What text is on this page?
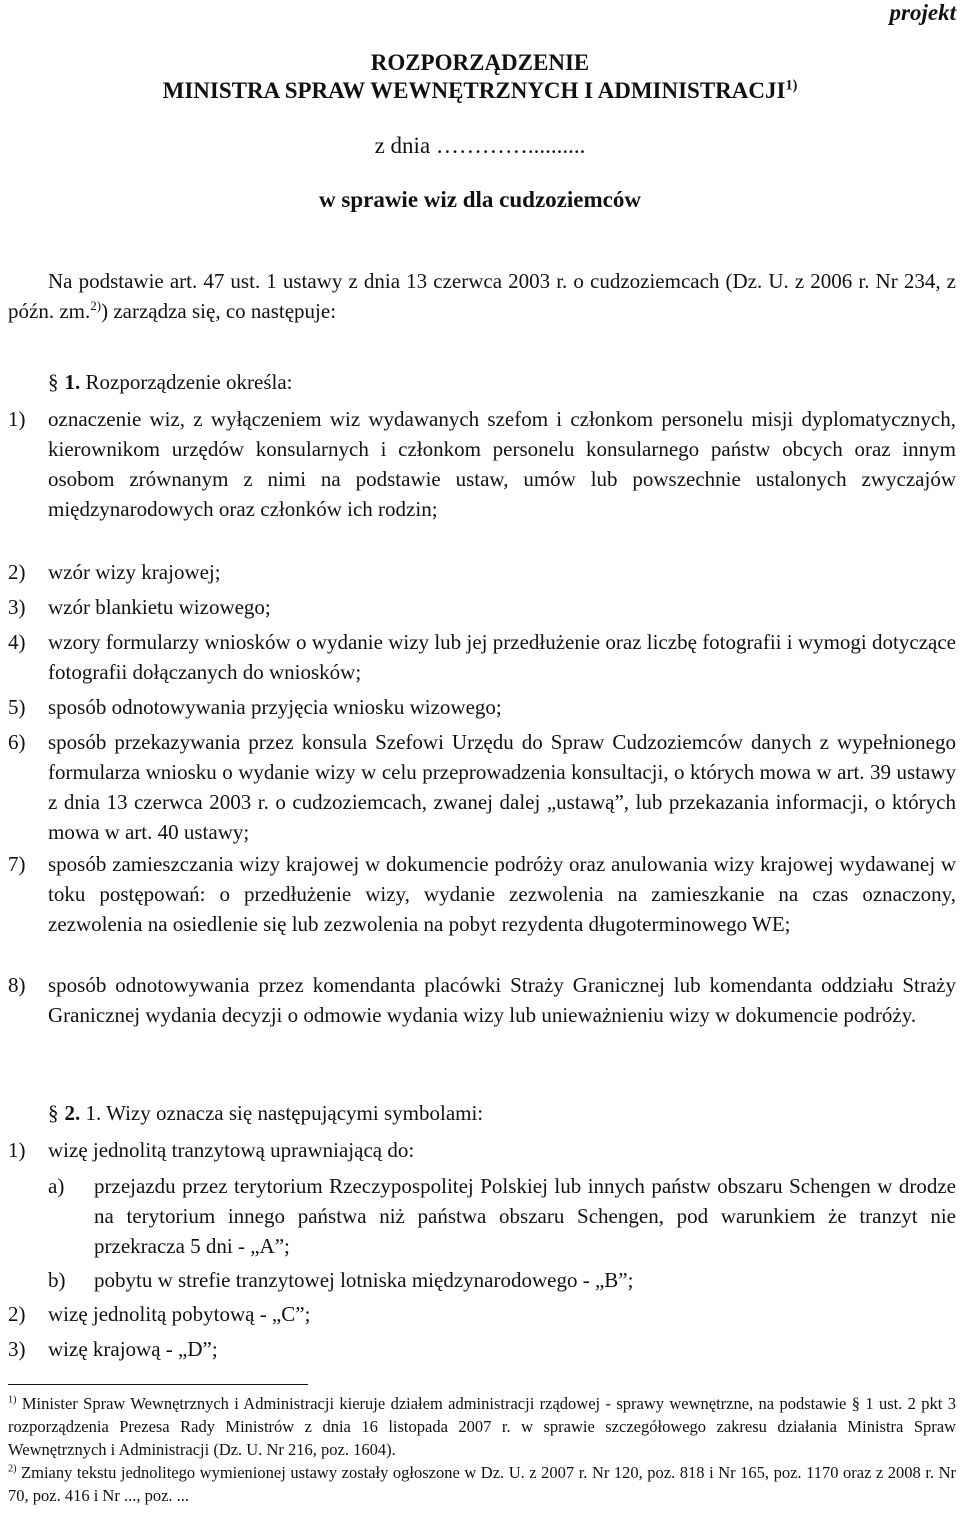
projekt
ROZPORZĄDZENIE
MINISTRA SPRAW WEWNĘTRZNYCH I ADMINISTRACJI$^{1)}$
z dnia …………..........
w sprawie wiz dla cudzoziemców
Na podstawie art. 47 ust. 1 ustawy z dnia 13 czerwca 2003 r. o cudzoziemcach (Dz. U. z 2006 r. Nr 234, z późn. zm.$^{2)}$) zarządza się, co następuje:
§ 1. Rozporządzenie określa:
1) oznaczenie wiz, z wyłączeniem wiz wydawanych szefom i członkom personelu misji dyplomatycznych, kierownikom urzędów konsularnych i członkom personelu konsularnego państw obcych oraz innym osobom zrównanym z nimi na podstawie ustaw, umów lub powszechnie ustalonych zwyczajów międzynarodowych oraz członków ich rodzin;
2) wzór wizy krajowej;
3) wzór blankietu wizowego;
4) wzory formularzy wniosków o wydanie wizy lub jej przedłużenie oraz liczbę fotografii i wymogi dotyczące fotografii dołączanych do wniosków;
5) sposób odnotowywania przyjęcia wniosku wizowego;
6) sposób przekazywania przez konsula Szefowi Urzędu do Spraw Cudzoziemców danych z wypełnionego formularza wniosku o wydanie wizy w celu przeprowadzenia konsultacji, o których mowa w art. 39 ustawy z dnia 13 czerwca 2003 r. o cudzoziemcach, zwanej dalej „ustawą”, lub przekazania informacji, o których mowa w art. 40 ustawy;
7) sposób zamieszczania wizy krajowej w dokumencie podróży oraz anulowania wizy krajowej wydawanej w toku postępowań: o przedłużenie wizy, wydanie zezwolenia na zamieszkanie na czas oznaczony, zezwolenia na osiedlenie się lub zezwolenia na pobyt rezydenta długoterminowego WE;
8) sposób odnotowywania przez komendanta placówki Straży Granicznej lub komendanta oddziału Straży Granicznej wydania decyzji o odmowie wydania wizy lub unieważnieniu wizy w dokumencie podróży.
§ 2. 1. Wizy oznacza się następującymi symbolami:
1) wizę jednolitą tranzytową uprawniającą do:
a) przejazdu przez terytorium Rzeczypospolitej Polskiej lub innych państw obszaru Schengen w drodze na terytorium innego państwa niż państwa obszaru Schengen, pod warunkiem że tranzyt nie przekracza 5 dni - „A”;
b) pobytu w strefie tranzytowej lotniska międzynarodowego - „B”;
2) wizę jednolitą pobytową - „C”;
3) wizę krajową - „D”;
$^{1)}$ Minister Spraw Wewnętrznych i Administracji kieruje działem administracji rządowej - sprawy wewnętrzne, na podstawie § 1 ust. 2 pkt 3 rozporządzenia Prezesa Rady Ministrów z dnia 16 listopada 2007 r. w sprawie szczegółowego zakresu działania Ministra Spraw Wewnętrznych i Administracji (Dz. U. Nr 216, poz. 1604).
$^{2)}$ Zmiany tekstu jednolitego wymienionej ustawy zostały ogłoszone w Dz. U. z 2007 r. Nr 120, poz. 818 i Nr 165, poz. 1170 oraz z 2008 r. Nr 70, poz. 416 i Nr ..., poz. ...
